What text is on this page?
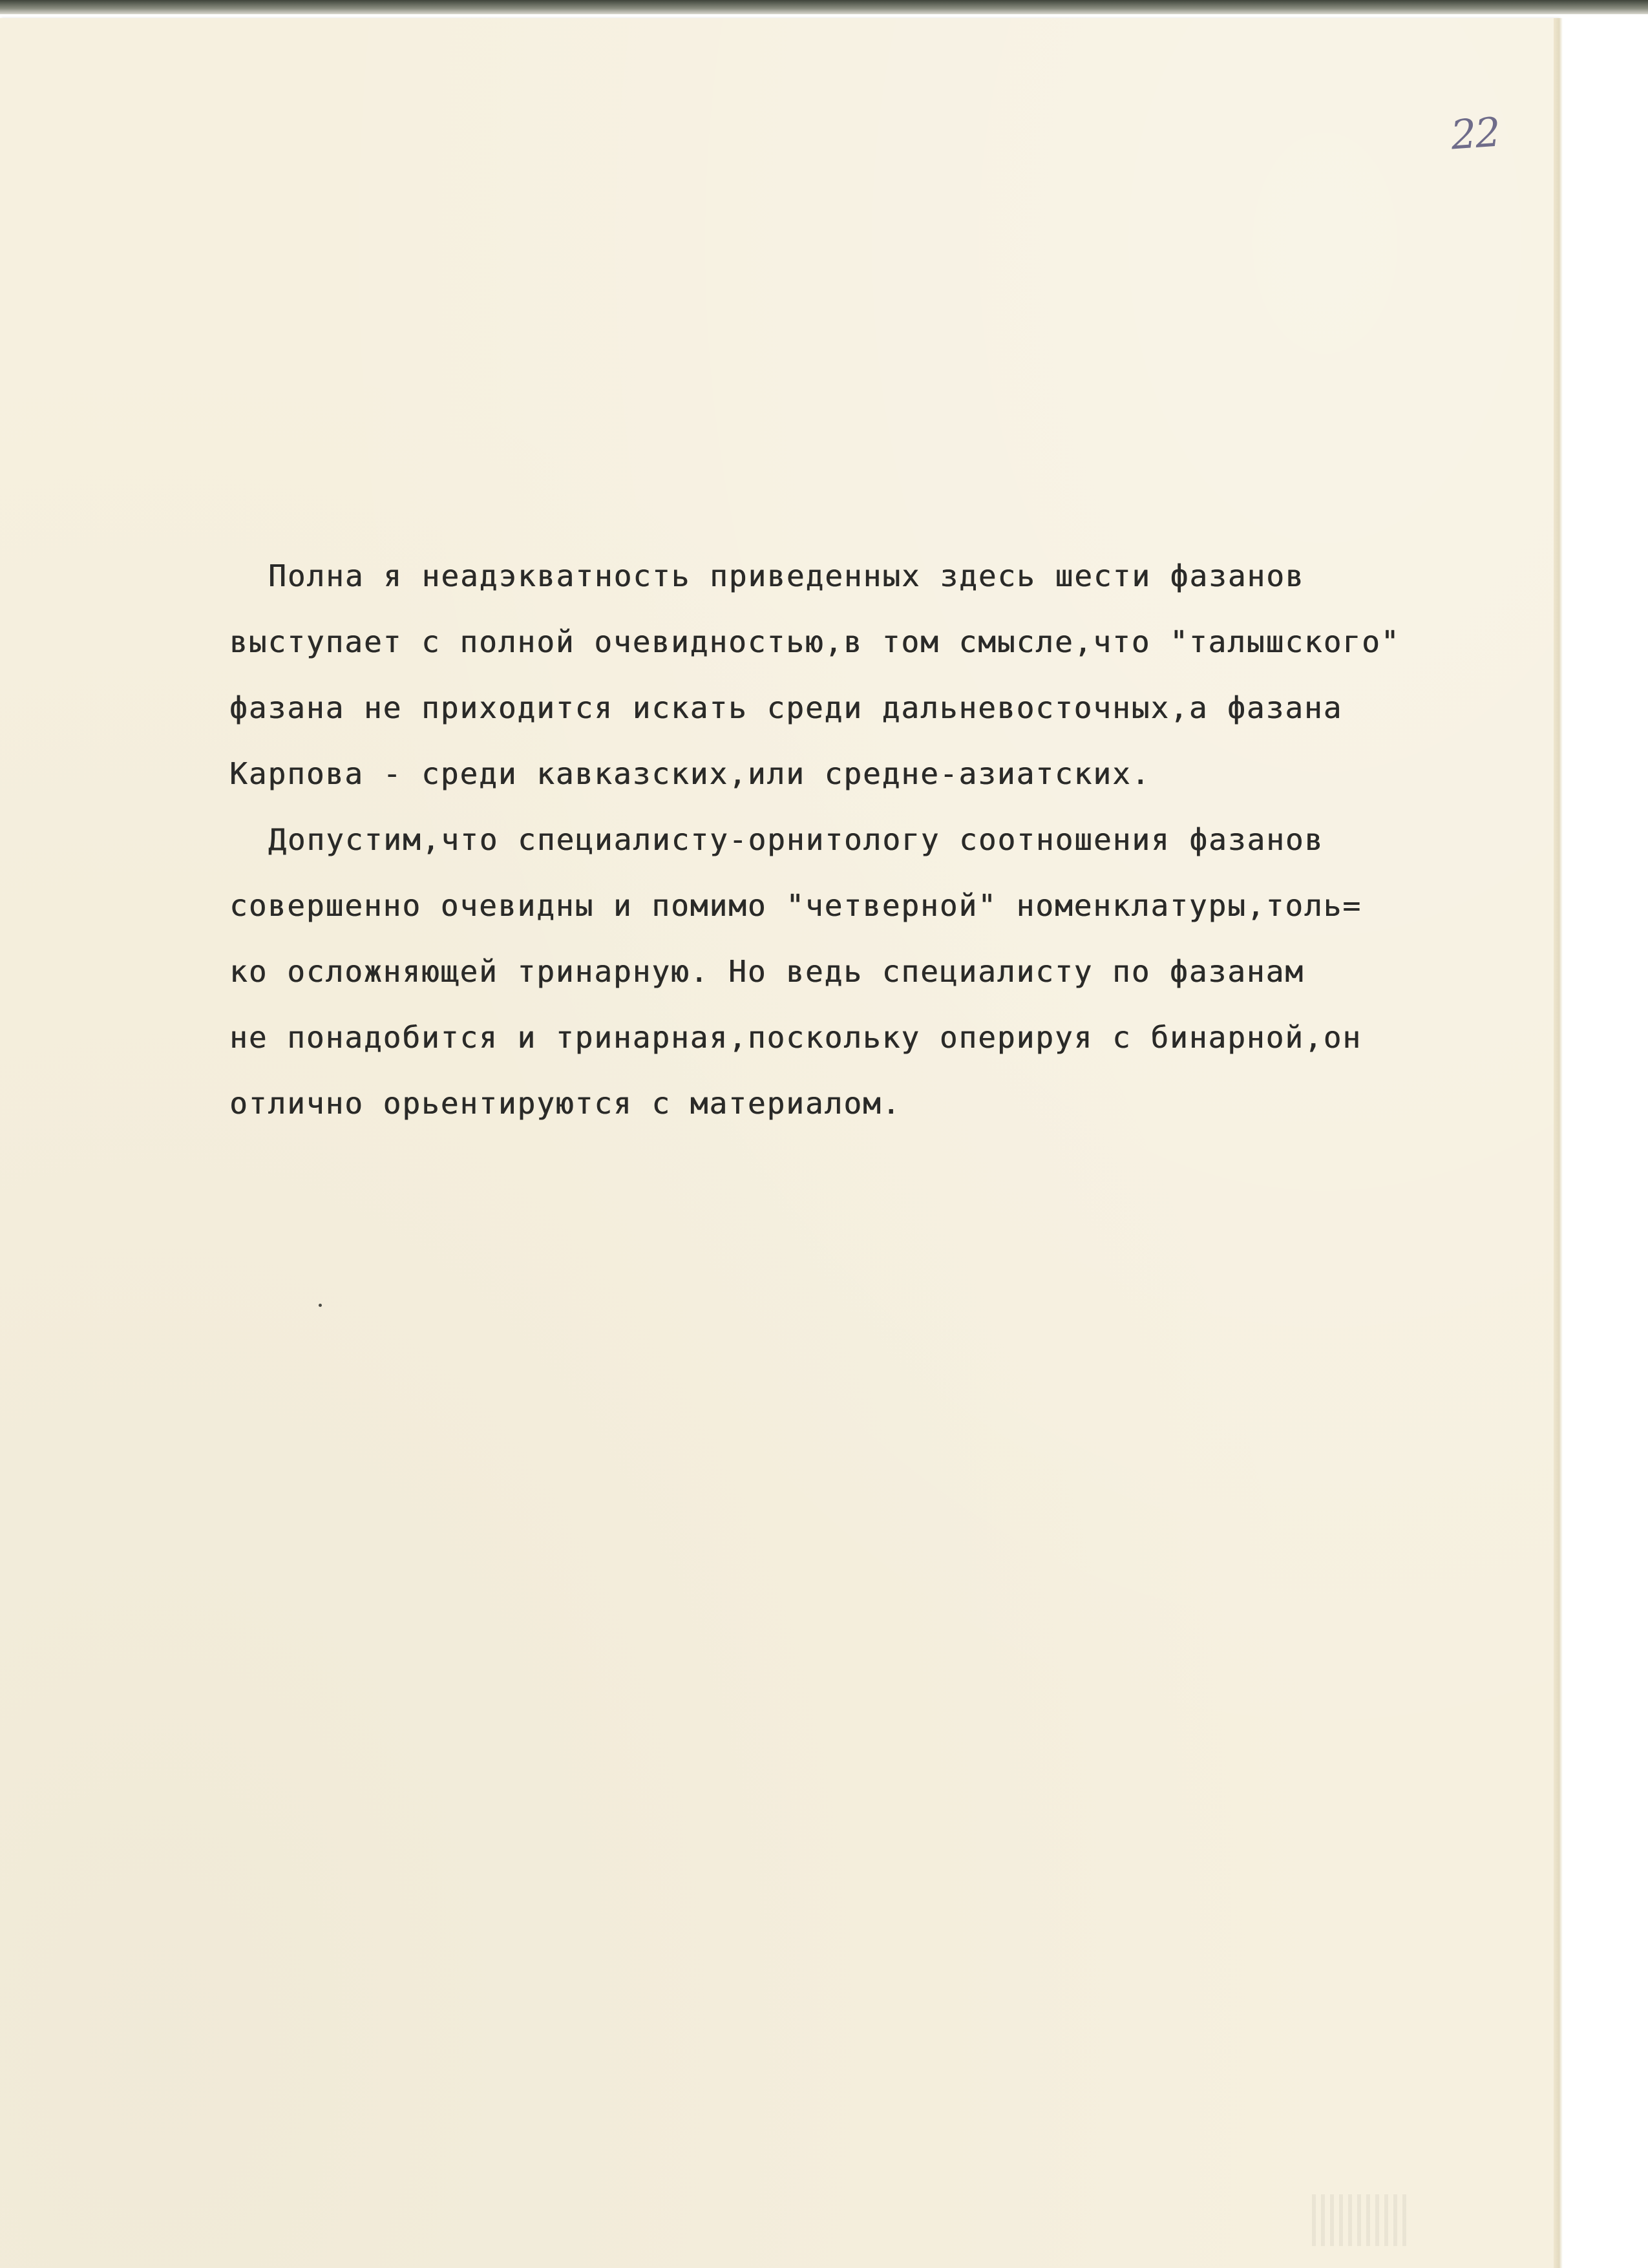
22
Полна я неадэкватность приведенных здесь шести фазанов
выступает с полной очевидностью,в том смысле,что "талышского"
фазана не приходится искать среди дальневосточных,а фазана
Карпова - среди кавказских,или средне-азиатских.
Допустим,что специалисту-орнитологу соотношения фазанов
совершенно очевидны и помимо "четверной" номенклатуры,толь=
ко осложняющей тринарную. Но ведь специалисту по фазанам
не понадобится и тринарная,поскольку оперируя с бинарной,он
отлично орьентируются с материалом.
